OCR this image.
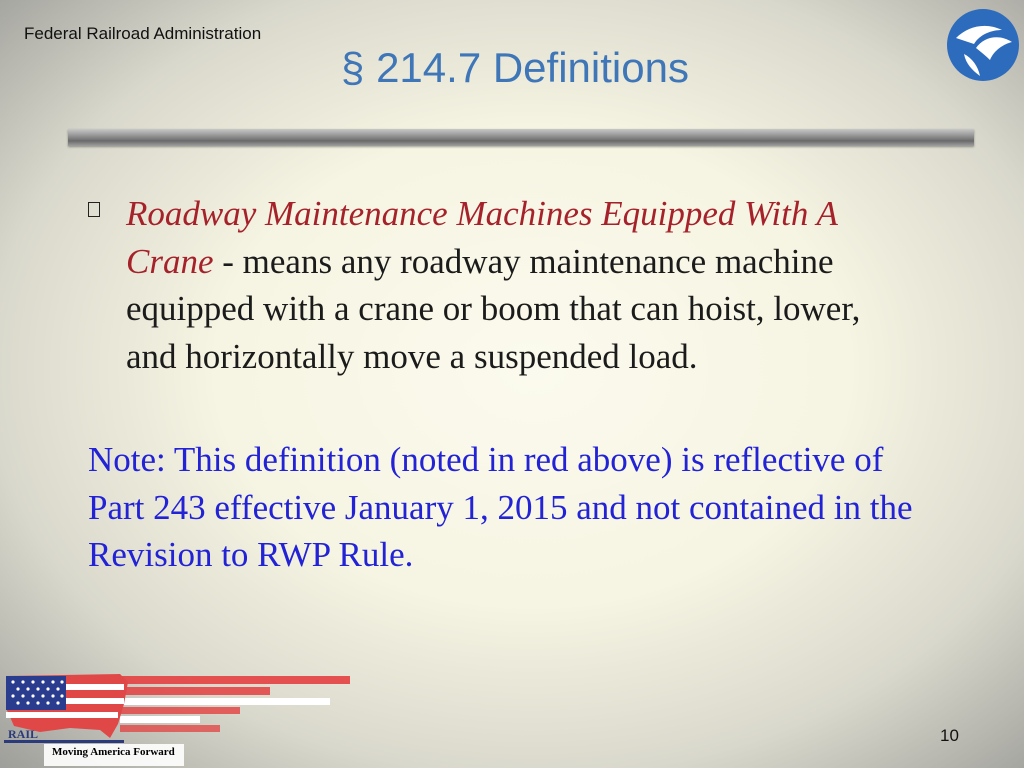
Federal Railroad Administration
§ 214.7 Definitions
Roadway Maintenance Machines Equipped With A Crane - means any roadway maintenance machine equipped with a crane or boom that can hoist, lower, and horizontally move a suspended load.
Note: This definition (noted in red above) is reflective of Part 243 effective January 1, 2015 and not contained in the Revision to RWP Rule.
RAIL
Moving America Forward
10
